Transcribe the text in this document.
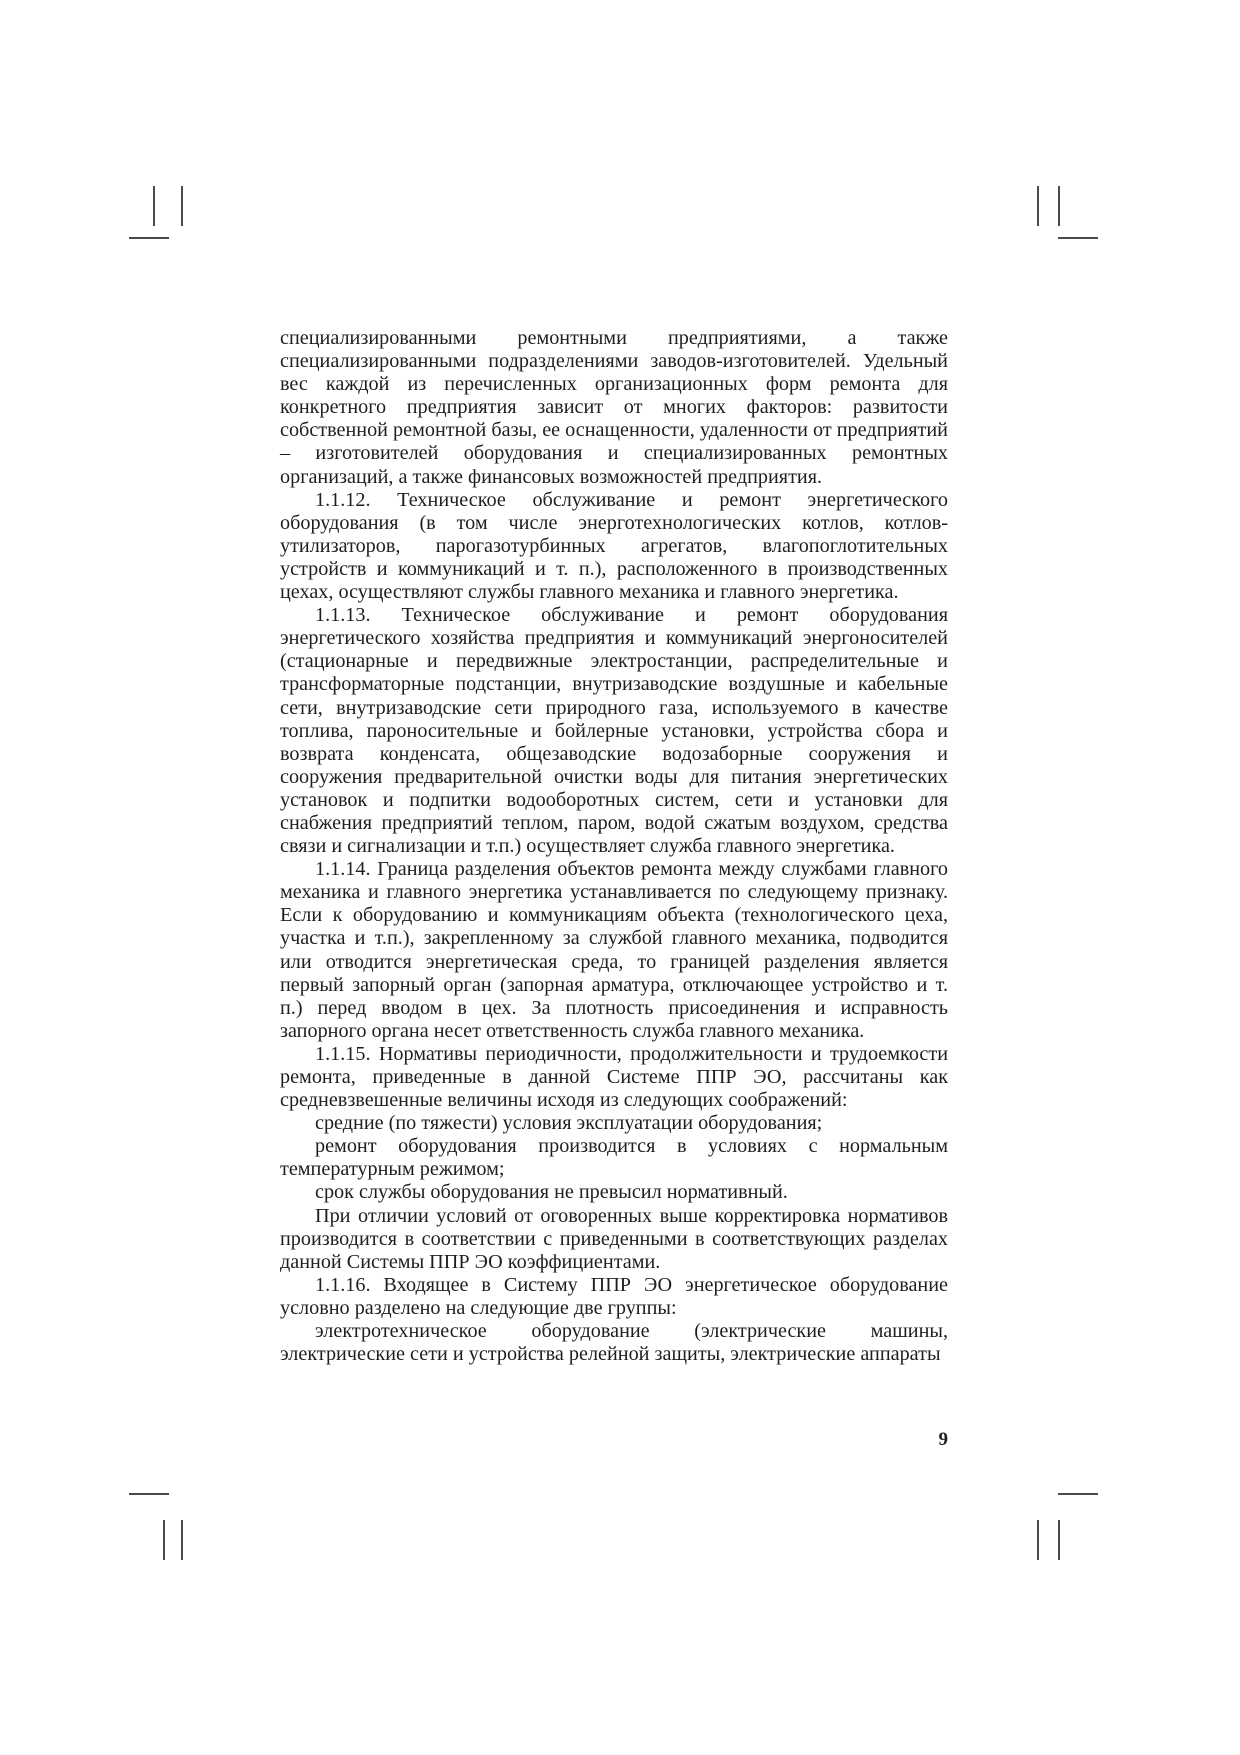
специализированными ремонтными предприятиями, а также специализированными подразделениями заводов-изготовителей. Удельный вес каждой из перечисленных организационных форм ремонта для конкретного предприятия зависит от многих факторов: развитости собственной ремонтной базы, ее оснащенности, удаленности от предприятий – изготовителей оборудования и специализированных ремонтных организаций, а также финансовых возможностей предприятия.

1.1.12. Техническое обслуживание и ремонт энергетического оборудования (в том числе энерготехнологических котлов, котлов-утилизаторов, парогазотурбинных агрегатов, влагопоглотительных устройств и коммуникаций и т. п.), расположенного в производственных цехах, осуществляют службы главного механика и главного энергетика.

1.1.13. Техническое обслуживание и ремонт оборудования энергетического хозяйства предприятия и коммуникаций энергоносителей (стационарные и передвижные электростанции, распределительные и трансформаторные подстанции, внутризаводские воздушные и кабельные сети, внутризаводские сети природного газа, используемого в качестве топлива, пароносительные и бойлерные установки, устройства сбора и возврата конденсата, общезаводские водозаборные сооружения и сооружения предварительной очистки воды для питания энергетических установок и подпитки водооборотных систем, сети и установки для снабжения предприятий теплом, паром, водой сжатым воздухом, средства связи и сигнализации и т.п.) осуществляет служба главного энергетика.

1.1.14. Граница разделения объектов ремонта между службами главного механика и главного энергетика устанавливается по следующему признаку. Если к оборудованию и коммуникациям объекта (технологического цеха, участка и т.п.), закрепленному за службой главного механика, подводится или отводится энергетическая среда, то границей разделения является первый запорный орган (запорная арматура, отключающее устройство и т. п.) перед вводом в цех. За плотность присоединения и исправность запорного органа несет ответственность служба главного механика.

1.1.15. Нормативы периодичности, продолжительности и трудоемкости ремонта, приведенные в данной Системе ППР ЭО, рассчитаны как средневзвешенные величины исходя из следующих соображений:

средние (по тяжести) условия эксплуатации оборудования;

ремонт оборудования производится в условиях с нормальным температурным режимом;

срок службы оборудования не превысил нормативный.

При отличии условий от оговоренных выше корректировка нормативов производится в соответствии с приведенными в соответствующих разделах данной Системы ППР ЭО коэффициентами.

1.1.16. Входящее в Систему ППР ЭО энергетическое оборудование условно разделено на следующие две группы:

электротехническое оборудование (электрические машины, электрические сети и устройства релейной защиты, электрические аппараты

9
